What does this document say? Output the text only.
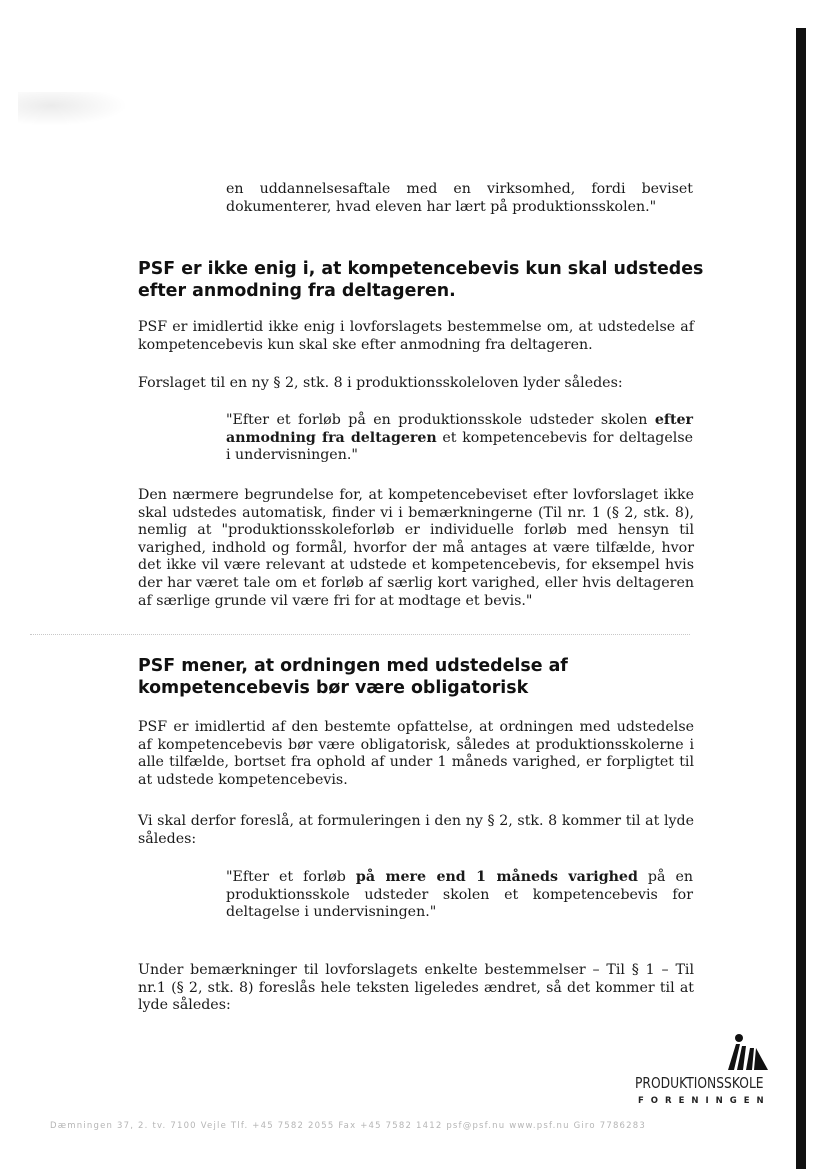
en uddannelsesaftale med en virksomhed, fordi beviset
dokumenterer, hvad eleven har lært på produktionsskolen."

PSF er ikke enig i, at kompetencebevis kun skal udstedes efter anmodning fra deltageren.

PSF er imidlertid ikke enig i lovforslagets bestemmelse om, at udstedelse af kompetencebevis kun skal ske efter anmodning fra deltageren.

Forslaget til en ny § 2, stk. 8 i produktionsskoleloven lyder således:

"Efter et forløb på en produktionsskole udsteder skolen efter anmodning fra deltageren et kompetencebevis for deltagelse i undervisningen."

Den nærmere begrundelse for, at kompetencebeviset efter lovforslaget ikke skal udstedes automatisk, finder vi i bemærkningerne (Til nr. 1 (§ 2, stk. 8), nemlig at "produktionsskoleforløb er individuelle forløb med hensyn til varighed, indhold og formål, hvorfor der må antages at være tilfælde, hvor det ikke vil være relevant at udstede et kompetencebevis, for eksempel hvis der har været tale om et forløb af særlig kort varighed, eller hvis deltageren af særlige grunde vil være fri for at modtage et bevis."

PSF mener, at ordningen med udstedelse af kompetencebevis bør være obligatorisk

PSF er imidlertid af den bestemte opfattelse, at ordningen med udstedelse af kompetencebevis bør være obligatorisk, således at produktionsskolerne i alle tilfælde, bortset fra ophold af under 1 måneds varighed, er forpligtet til at udstede kompetencebevis.

Vi skal derfor foreslå, at formuleringen i den ny § 2, stk. 8 kommer til at lyde således:

"Efter et forløb på mere end 1 måneds varighed på en produktionsskole udsteder skolen et kompetencebevis for deltagelse i undervisningen."

Under bemærkninger til lovforslagets enkelte bestemmelser – Til § 1 – Til nr.1 (§ 2, stk. 8) foreslås hele teksten ligeledes ændret, så det kommer til at lyde således:

PRODUKTIONSSKOLE
FORENINGEN
Dæmningen 37, 2. tv. 7100 Vejle Tlf. +45 7582 2055 Fax +45 7582 1412 psf@psf.nu www.psf.nu Giro 7786283
